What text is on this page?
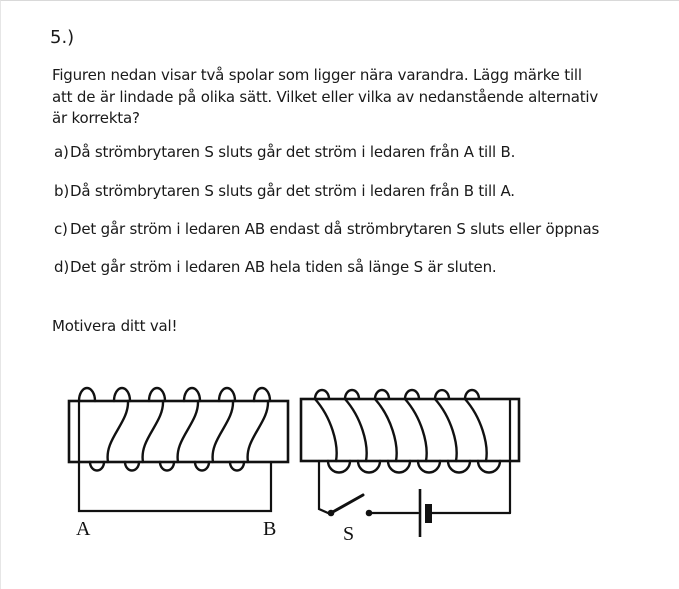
5.)
Figuren nedan visar två spolar som ligger nära varandra. Lägg märke till
att de är lindade på olika sätt. Vilket eller vilka av nedanstående alternativ
är korrekta?
a)Då strömbrytaren S sluts går det ström i ledaren från A till B.
b)Då strömbrytaren S sluts går det ström i ledaren från B till A.
c) Det går ström i ledaren AB endast då strömbrytaren S sluts eller öppnas
d)Det går ström i ledaren AB hela tiden så länge S är sluten.
Motivera ditt val!
A	B	S
